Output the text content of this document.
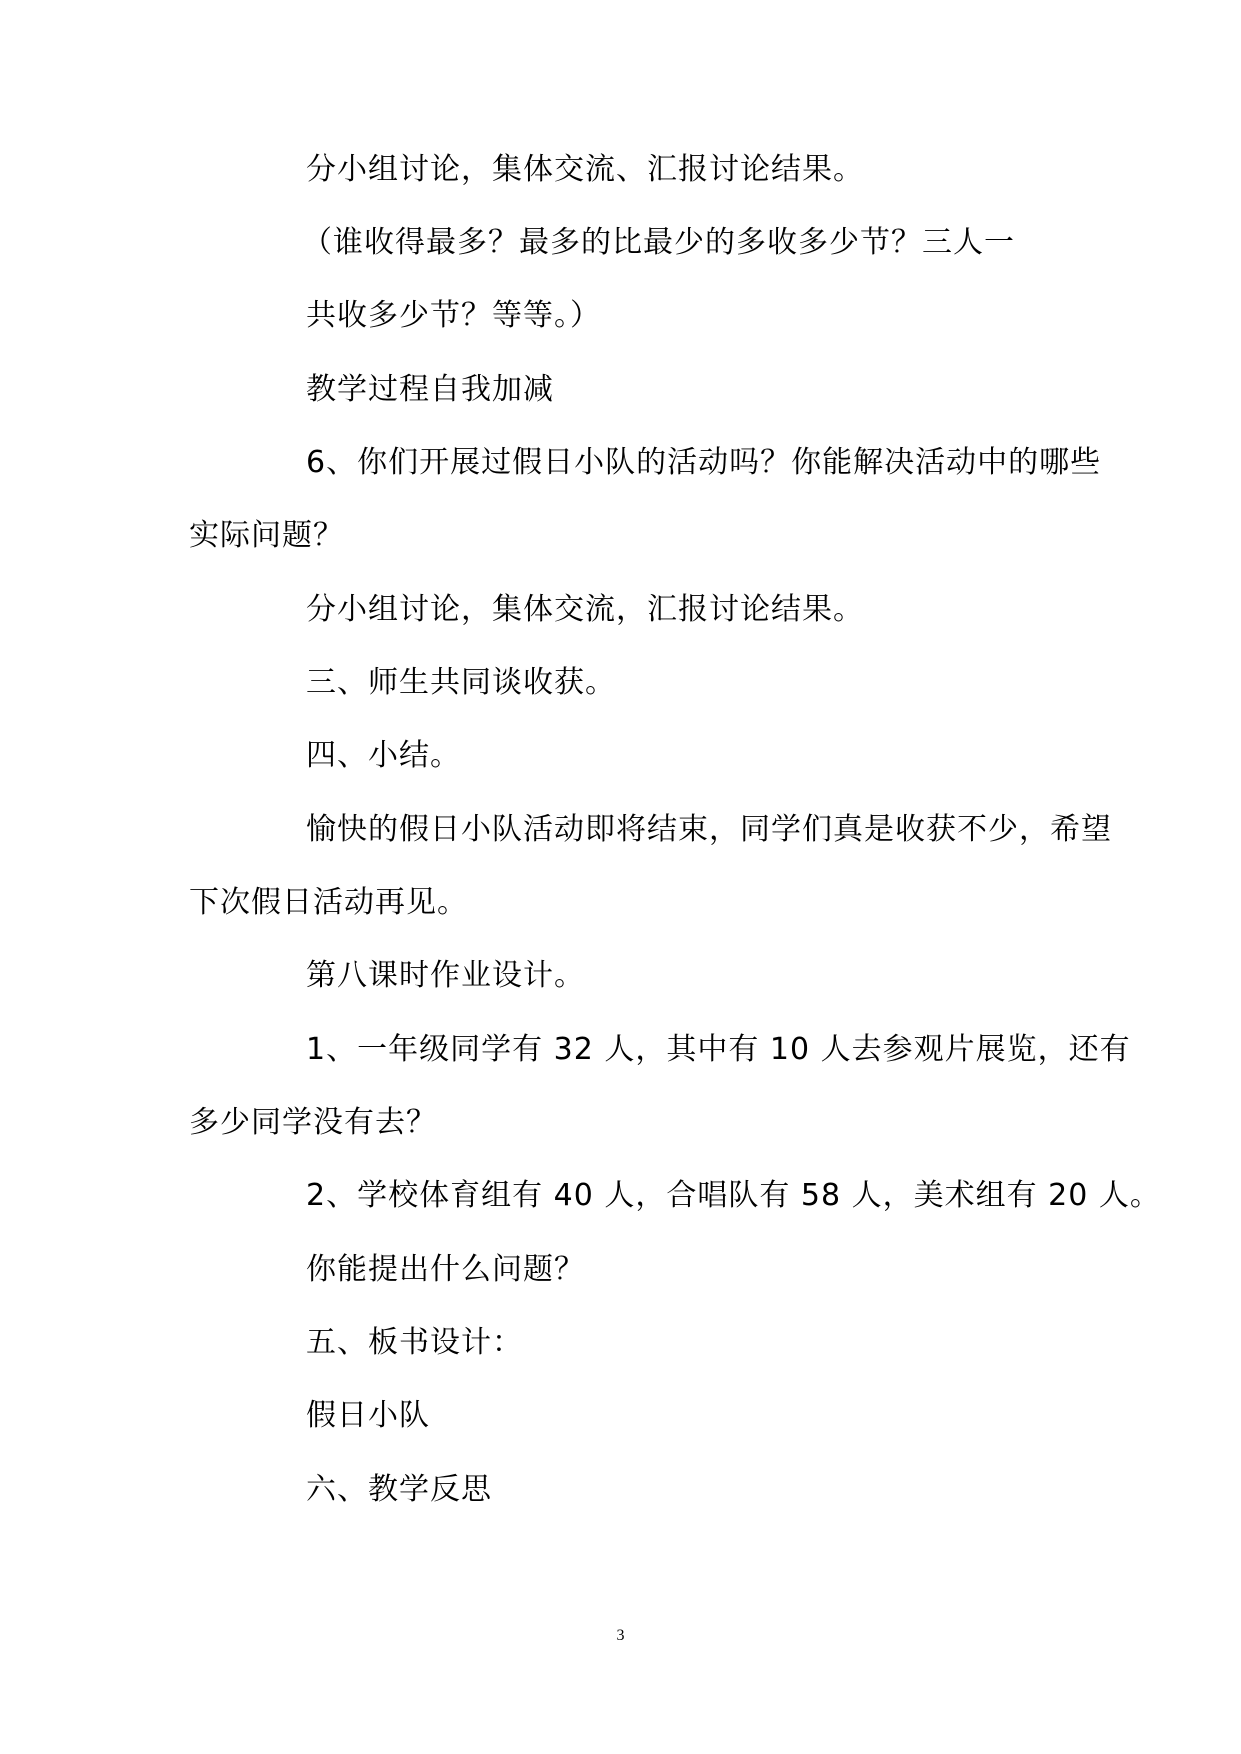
分小组讨论，集体交流、汇报讨论结果。
（谁收得最多？最多的比最少的多收多少节？三人一
共收多少节？等等。）
教学过程自我加减
6、你们开展过假日小队的活动吗？你能解决活动中的哪些
实际问题？
分小组讨论，集体交流，汇报讨论结果。
三、师生共同谈收获。
四、小结。
愉快的假日小队活动即将结束，同学们真是收获不少，希望
下次假日活动再见。
第八课时作业设计。
1、一年级同学有 32 人，其中有 10 人去参观片展览，还有
多少同学没有去？
2、学校体育组有 40 人，合唱队有 58 人，美术组有 20 人。
你能提出什么问题？
五、板书设计：
假日小队
六、教学反思
3
